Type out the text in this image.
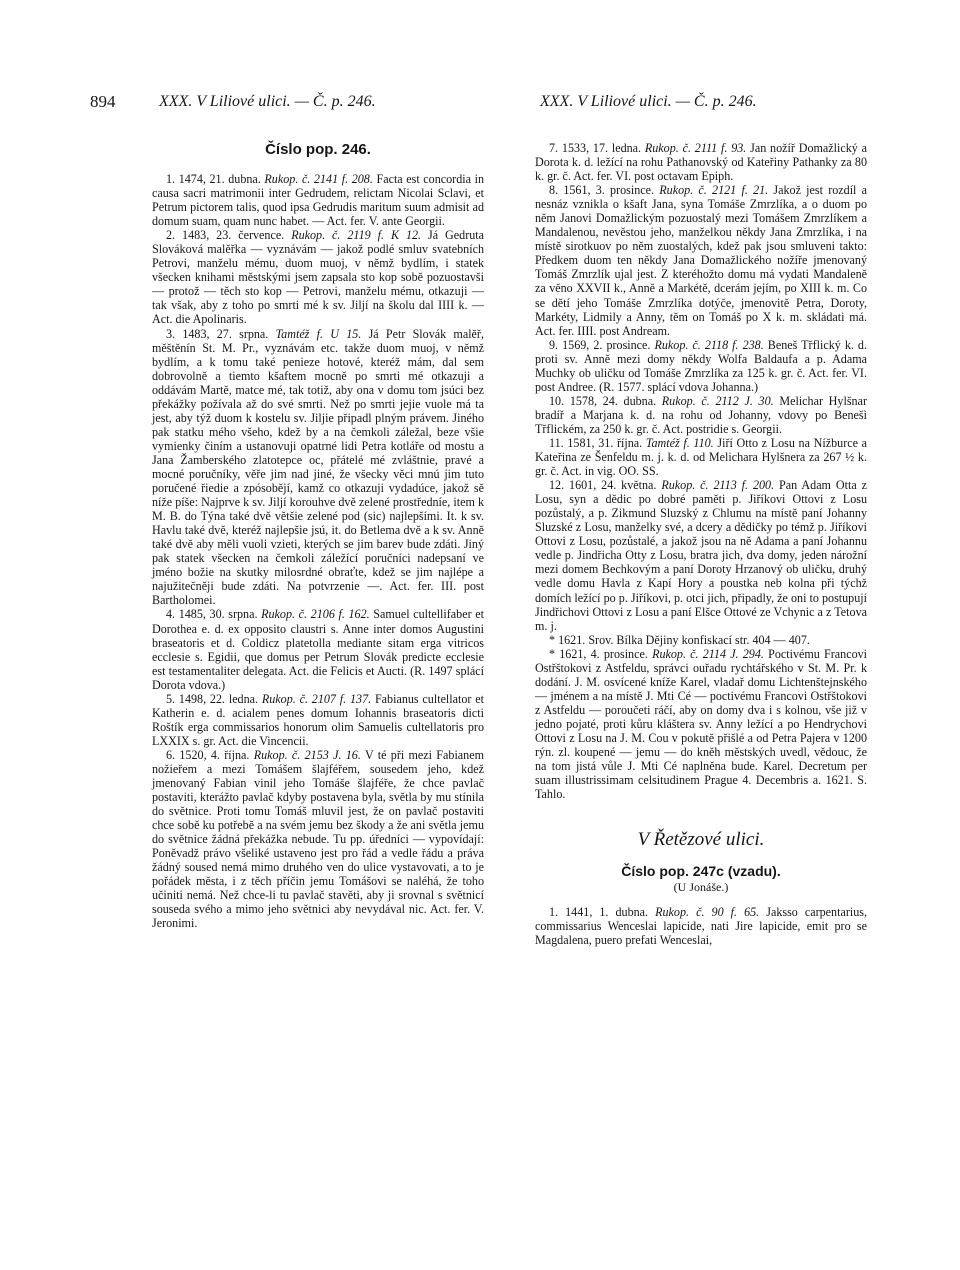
894	XXX. V Liliové ulici. — Č. p. 246.	XXX. V Liliové ulici. — Č. p. 246.
Číslo pop. 246.

1. 1474, 21. dubna. Rukop. č. 2141 f. 208. Facta est concordia in causa sacri matrimonii inter Gedrudem, relictam Nicolai Sclavi, et Petrum pictorem talis, quod ipsa Gedrudis maritum suum admisit ad domum suam, quam nunc habet. — Act. fer. V. ante Georgii.

2. 1483, 23. července. Rukop. č. 2119 f. K 12. Já Gedruta Slováková malěřka — vyznávám — jakož podlé smluv svatebních Petrovi, manželu mému, duom muoj, v němž bydlím, i statek všecken knihami městskými jsem zapsala sto kop sobě pozuostavši — protož — těch sto kop — Petrovi, manželu mému, otkazuji — tak však, aby z toho po smrti mé k sv. Jiljí na školu dal IIII k. — Act. die Apolinaris.

3. 1483, 27. srpna. Tamtéž f. U 15. Já Petr Slovák malěř, měštěnín St. M. Pr., vyznávám etc. takže duom muoj, v němž bydlím, a k tomu také penieze hotové, kteréž mám, dal sem dobrovolně a tiemto kšaftem mocně po smrti mé otkazuji a oddávám Martě, matce mé, tak totiž, aby ona v domu tom jsúci bez překážky požívala až do své smrti. Než po smrti jejie vuole má ta jest, aby týž duom k kostelu sv. Jiljie připadl plným právem. Jiného pak statku mého všeho, kdež by a na čemkoli záležal, beze všie vymienky činím a ustanovuji opatrné lidi Petra kotláře od mostu a Jana Žamberského zlatotepce oc, přátelé mé zvláštnie, pravé a mocné poručníky, věře jim nad jiné, že všecky věci mnú jim tuto poručené řiedie a zpósobějí, kamž co otkazuji vydadúce, jakož sě níže píše: Najprve k sv. Jiljí korouhve dvě zelené prostředníe, item k M. B. do Týna také dvě většie zelené pod (sic) najlepšími. It. k sv. Havlu také dvě, kteréž najlepšie jsú, it. do Betlema dvě a k sv. Anně také dvě aby měli vuoli vzieti, kterých se jim barev bude zdáti. Jiný pak statek všecken na čemkoli záležící poručníci nadepsaní ve jméno božie na skutky milosrdné obraťte, kdež se jim najlépe a najužitečněji bude zdáti. Na potvrzenie —. Act. fer. III. post Bartholomei.

4. 1485, 30. srpna. Rukop. č. 2106 f. 162. Samuel cultellifaber et Dorothea e. d. ex opposito claustri s. Anne inter domos Augustini braseatoris et d. Coldicz platetolla mediante sitam erga vitricos ecclesie s. Egidii, que domus per Petrum Slovák predicte ecclesie est testamentaliter delegata. Act. die Felicis et Aucti. (R. 1497 splácí Dorota vdova.)

5. 1498, 22. ledna. Rukop. č. 2107 f. 137. Fabianus cultellator et Katherin e. d. acialem penes domum Iohannis braseatoris dicti Roštík erga commissarios honorum olim Samuelis cultellatoris pro LXXIX s. gr. Act. die Vincencii.

6. 1520, 4. října. Rukop. č. 2153 J. 16. V té při mezi Fabianem nožieřem a mezi Tomášem šlajféřem, sousedem jeho, kdež jmenovaný Fabian vinil jeho Tomáše šlajféře, že chce pavlač postaviti, kterážto pavlač kdyby postavena byla, světla by mu stínila do světnice. Proti tomu Tomáš mluvil jest, že on pavlač postaviti chce sobě ku potřebě a na svém jemu bez škody a že ani světla jemu do světnice žádná překážka nebude. Tu pp. úředníci — vypovídají: Poněvadž právo všeliké ustaveno jest pro řád a vedle řádu a práva žádný soused nemá mimo druhého ven do ulice vystavovati, a to je pořádek města, i z těch příčin jemu Tomášovi se naléhá, že toho učiniti nemá. Než chce-li tu pavlač stavěti, aby ji srovnal s světnicí souseda svého a mimo jeho světnici aby nevydával nic. Act. fer. V. Jeronimi.

7. 1533, 17. ledna. Rukop. č. 2111 f. 93. Jan nožíř Domažlický a Dorota k. d. ležící na rohu Pathanovský od Kateřiny Pathanky za 80 k. gr. č. Act. fer. VI. post octavam Epiph.

8. 1561, 3. prosince. Rukop. č. 2121 f. 21. Jakož jest rozdíl a nesnáz vznikla o kšaft Jana, syna Tomáše Zmrzlíka, a o duom po něm Janovi Domažlickým pozuostalý mezi Tomášem Zmrzlíkem a Mandalenou, nevěstou jeho, manželkou někdy Jana Zmrzlíka, i na místě sirotkuov po něm zuostalých, kdež pak jsou smluveni takto: Předkem duom ten někdy Jana Domažlického nožíře jmenovaný Tomáš Zmrzlík ujal jest. Z kteréhožto domu má vydati Mandaleně za věno XXVII k., Anně a Markétě, dcerám jejím, po XIII k. m. Co se dětí jeho Tomáše Zmrzlíka dotýče, jmenovitě Petra, Doroty, Markéty, Lidmily a Anny, těm on Tomáš po X k. m. skládati má. Act. fer. IIII. post Andream.

9. 1569, 2. prosince. Rukop. č. 2118 f. 238. Beneš Třflický k. d. proti sv. Anně mezi domy někdy Wolfa Baldaufa a p. Adama Muchky ob uličku od Tomáše Zmrzlíka za 125 k. gr. č. Act. fer. VI. post Andree. (R. 1577. splácí vdova Johanna.)

10. 1578, 24. dubna. Rukop. č. 2112 J. 30. Melichar Hylšnar bradíř a Marjana k. d. na rohu od Johanny, vdovy po Benešì Třflickém, za 250 k. gr. č. Act. postridie s. Georgii.

11. 1581, 31. října. Tamtéž f. 110. Jiří Otto z Losu na Nížburce a Kateřina ze Šenfeldu m. j. k. d. od Melichara Hylšnera za 267 ½ k. gr. č. Act. in vig. OO. SS.

12. 1601, 24. května. Rukop. č. 2113 f. 200. Pan Adam Otta z Losu, syn a dědic po dobré paměti p. Jiříkovi Ottovi z Losu pozůstalý, a p. Zikmund Sluzský z Chlumu na místě paní Johanny Sluzské z Losu, manželky své, a dcery a dědičky po témž p. Jiříkovi Ottovi z Losu, pozůstalé, a jakož jsou na ně Adama a paní Johannu vedle p. Jindřicha Otty z Losu, bratra jich, dva domy, jeden nárožní mezi domem Bechkovým a paní Doroty Hrzanový ob uličku, druhý vedle domu Havla z Kapí Hory a poustka neb kolna při týchž domích ležící po p. Jiříkovi, p. otci jich, připadly, že oni to postupují Jindřichovi Ottovi z Losu a paní Elšce Ottové ze Vchynic a z Tetova m. j.

* 1621. Srov. Bílka Dějiny konfiskací str. 404 — 407.

* 1621, 4. prosince. Rukop. č. 2114 J. 294. Poctivému Francovi Ostřštokovi z Astfeldu, správci ouřadu rychtářského v St. M. Pr. k dodání. J. M. osvícené kníže Karel, vladař domu Lichtenštejnského — jménem a na místě J. Mti Cé — poctivému Francovi Ostřštokovi z Astfeldu — poroučeti ráčí, aby on domy dva i s kolnou, vše již v jedno pojaté, proti kůru kláštera sv. Anny ležící a po Hendrychovi Ottovi z Losu na J. M. Cou v pokutě přišlé a od Petra Pajera v 1200 rýn. zl. koupené — jemu — do kněh městských uvedl, vědouc, že na tom jistá vůle J. Mti Cé naplněna bude. Karel. Decretum per suam illustrissimam celsitudinem Prague 4. Decembris a. 1621. S. Tahlo.

V Řetězové ulici.
Číslo pop. 247c (vzadu).
(U Jonáše.)

1. 1441, 1. dubna. Rukop. č. 90 f. 65. Jaksso carpentarius, commissarius Wenceslai lapicide, nati Jire lapicide, emit pro se Magdalena, puero prefati Wenceslai,
